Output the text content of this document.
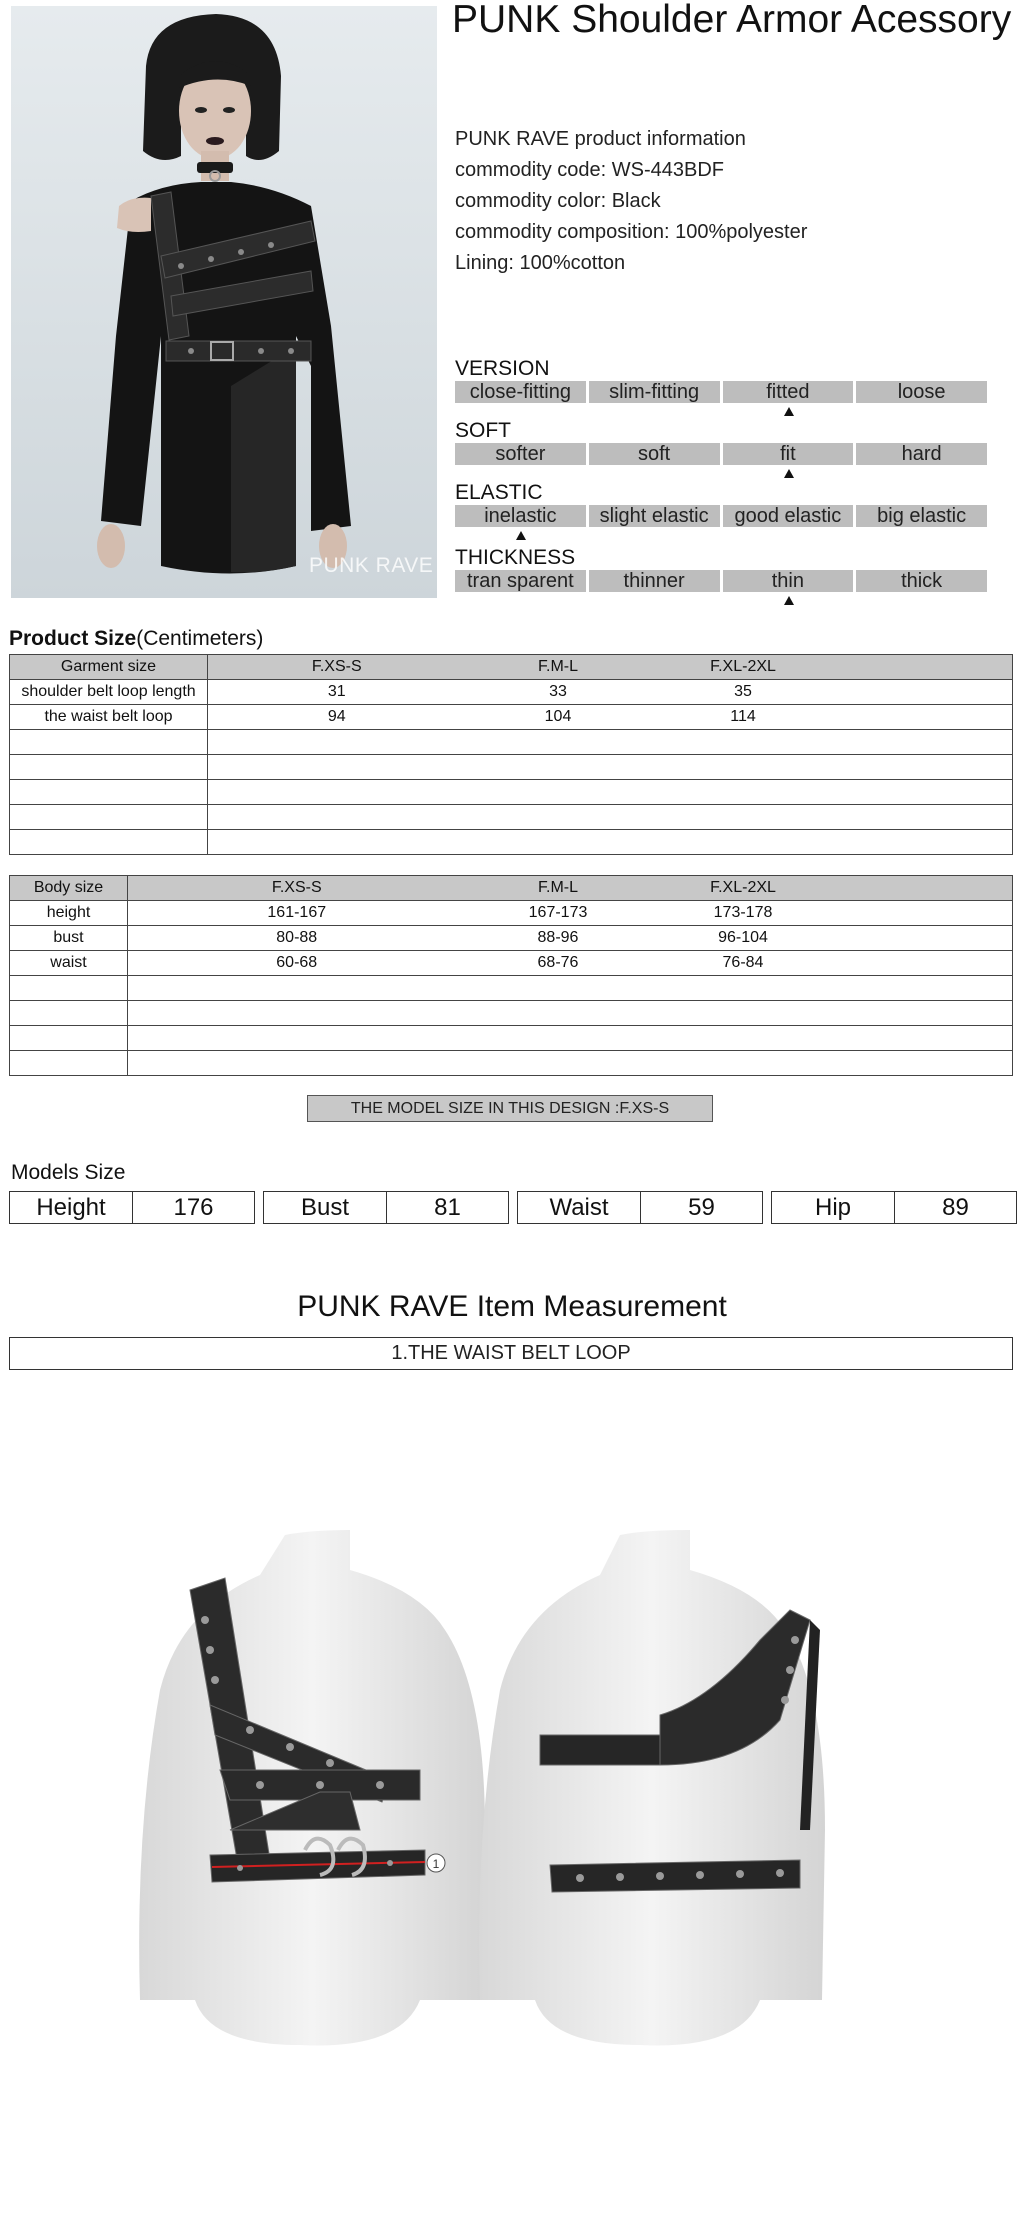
PUNK RAVE
PUNK Shoulder Armor Acessory
PUNK RAVE product information
commodity code: WS-443BDF
commodity color: Black
commodity composition: 100%polyester
Lining: 100%cotton
VERSION
close-fitting	slim-fitting	fitted	loose
SOFT
softer	soft	fit	hard
ELASTIC
inelastic	slight elastic	good elastic	big elastic
THICKNESS
tran sparent	thinner	thin	thick
Product Size(Centimeters)
Garment size	F.XS-S	F.M-L	F.XL-2XL	
shoulder belt loop length	31	33	35	
the waist belt loop	94	104	114	

Body size	F.XS-S	F.M-L	F.XL-2XL	
height	161-167	167-173	173-178	
bust	80-88	88-96	96-104	
waist	60-68	68-76	76-84	

THE MODEL SIZE IN THIS DESIGN :F.XS-S
Models Size
Height	176	Bust	81	Waist	59	Hip	89
PUNK RAVE Item Measurement
1.THE WAIST BELT LOOP
1
